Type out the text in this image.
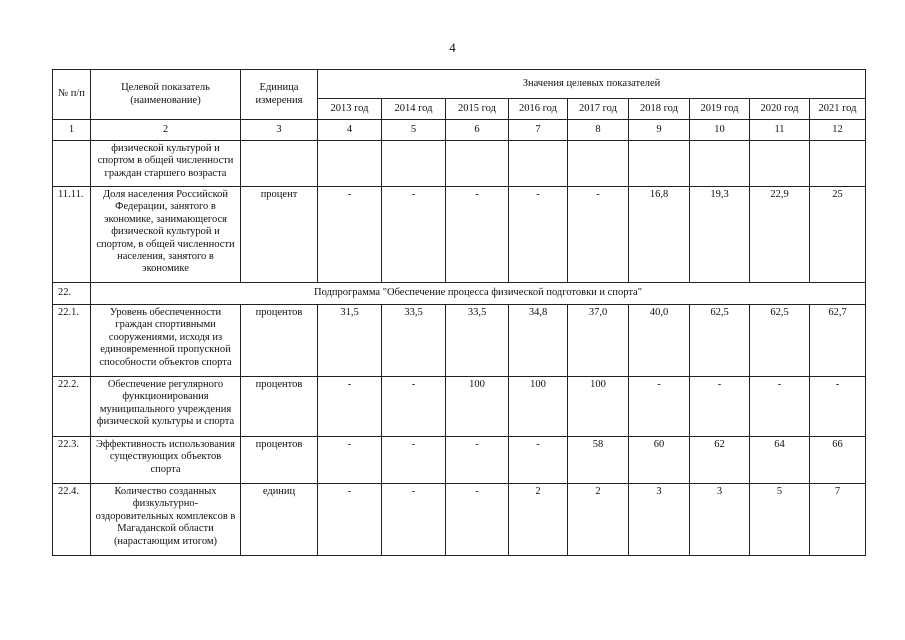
4
№ п/п	Целевой показатель (наименование)	Единица измерения	Значения целевых показателей								
			2013 год	2014 год	2015 год	2016 год	2017 год	2018 год	2019 год	2020 год	2021 год
1	2	3	4	5	6	7	8	9	10	11	12
	физической культурой и спортом в общей численности граждан старшего возраста										
11.11.	Доля населения Российской Федерации, занятого в экономике, занимающегося физической культурой и спортом, в общей численности населения, занятого в экономике	процент	-	-	-	-	-	16,8	19,3	22,9	25
22.	Подпрограмма "Обеспечение процесса физической подготовки и спорта"										
22.1.	Уровень обеспеченности граждан спортивными сооружениями, исходя из единовременной пропускной способности объектов спорта	процентов	31,5	33,5	33,5	34,8	37,0	40,0	62,5	62,5	62,7
22.2.	Обеспечение регулярного функционирования муниципального учреждения физической культуры и спорта	процентов	-	-	100	100	100	-	-	-	-
22.3.	Эффективность использования существующих объектов спорта	процентов	-	-	-	-	58	60	62	64	66
22.4.	Количество созданных физкультурно-оздоровительных комплексов в Магаданской области (нарастающим итогом)	единиц	-	-	-	2	2	3	3	5	7
